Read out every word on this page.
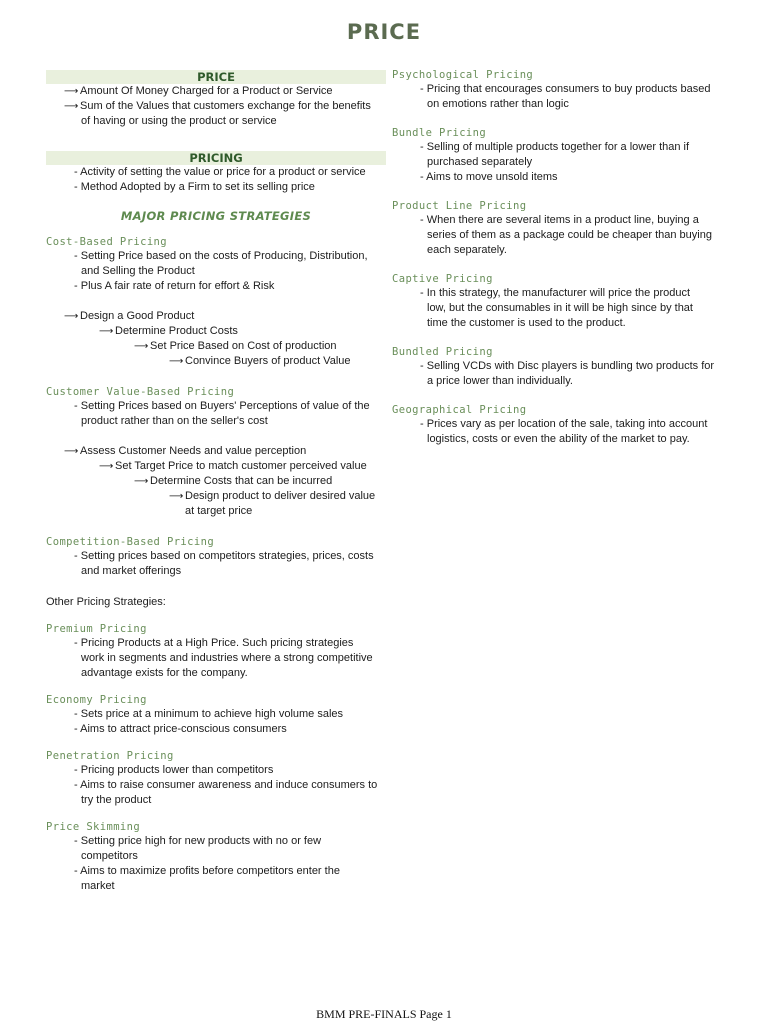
PRICE
PRICE
⟶ Amount Of Money Charged for a Product or Service
⟶ Sum of the Values that customers exchange for the benefits
of having or using the product or service
PRICING
- Activity of setting the value or price for a product or service
- Method Adopted by a Firm to set its selling price
MAJOR PRICING STRATEGIES
Cost-Based Pricing
- Setting Price based on the costs of Producing, Distribution,
and Selling the Product
- Plus A fair rate of return for effort & Risk
⟶ Design a Good Product
⟶ Determine Product Costs
⟶ Set Price Based on Cost of production
⟶ Convince Buyers of product Value
Customer Value-Based Pricing
- Setting Prices based on Buyers' Perceptions of value of the
product rather than on the seller's cost
⟶ Assess Customer Needs and value perception
⟶ Set Target Price to match customer perceived value
⟶ Determine Costs that can be incurred
⟶ Design product to deliver desired value
at target price
Competition-Based Pricing
- Setting prices based on competitors strategies, prices, costs
and market offerings
Other Pricing Strategies:
Premium Pricing
- Pricing Products at a High Price. Such pricing strategies
work in segments and industries where a strong competitive
advantage exists for the company.
Economy Pricing
- Sets price at a minimum to achieve high volume sales
- Aims to attract price-conscious consumers
Penetration Pricing
- Pricing products lower than competitors
- Aims to raise consumer awareness and induce consumers to
try the product
Price Skimming
- Setting price high for new products with no or few
competitors
- Aims to maximize profits before competitors enter the
market
Psychological Pricing
- Pricing that encourages consumers to buy products based
on emotions rather than logic
Bundle Pricing
- Selling of multiple products together for a lower than if
purchased separately
- Aims to move unsold items
Product Line Pricing
- When there are several items in a product line, buying a
series of them as a package could be cheaper than buying
each separately.
Captive Pricing
- In this strategy, the manufacturer will price the product
low, but the consumables in it will be high since by that
time the customer is used to the product.
Bundled Pricing
- Selling VCDs with Disc players is bundling two products for
a price lower than individually.
Geographical Pricing
- Prices vary as per location of the sale, taking into account
logistics, costs or even the ability of the market to pay.
BMM PRE-FINALS Page 1
